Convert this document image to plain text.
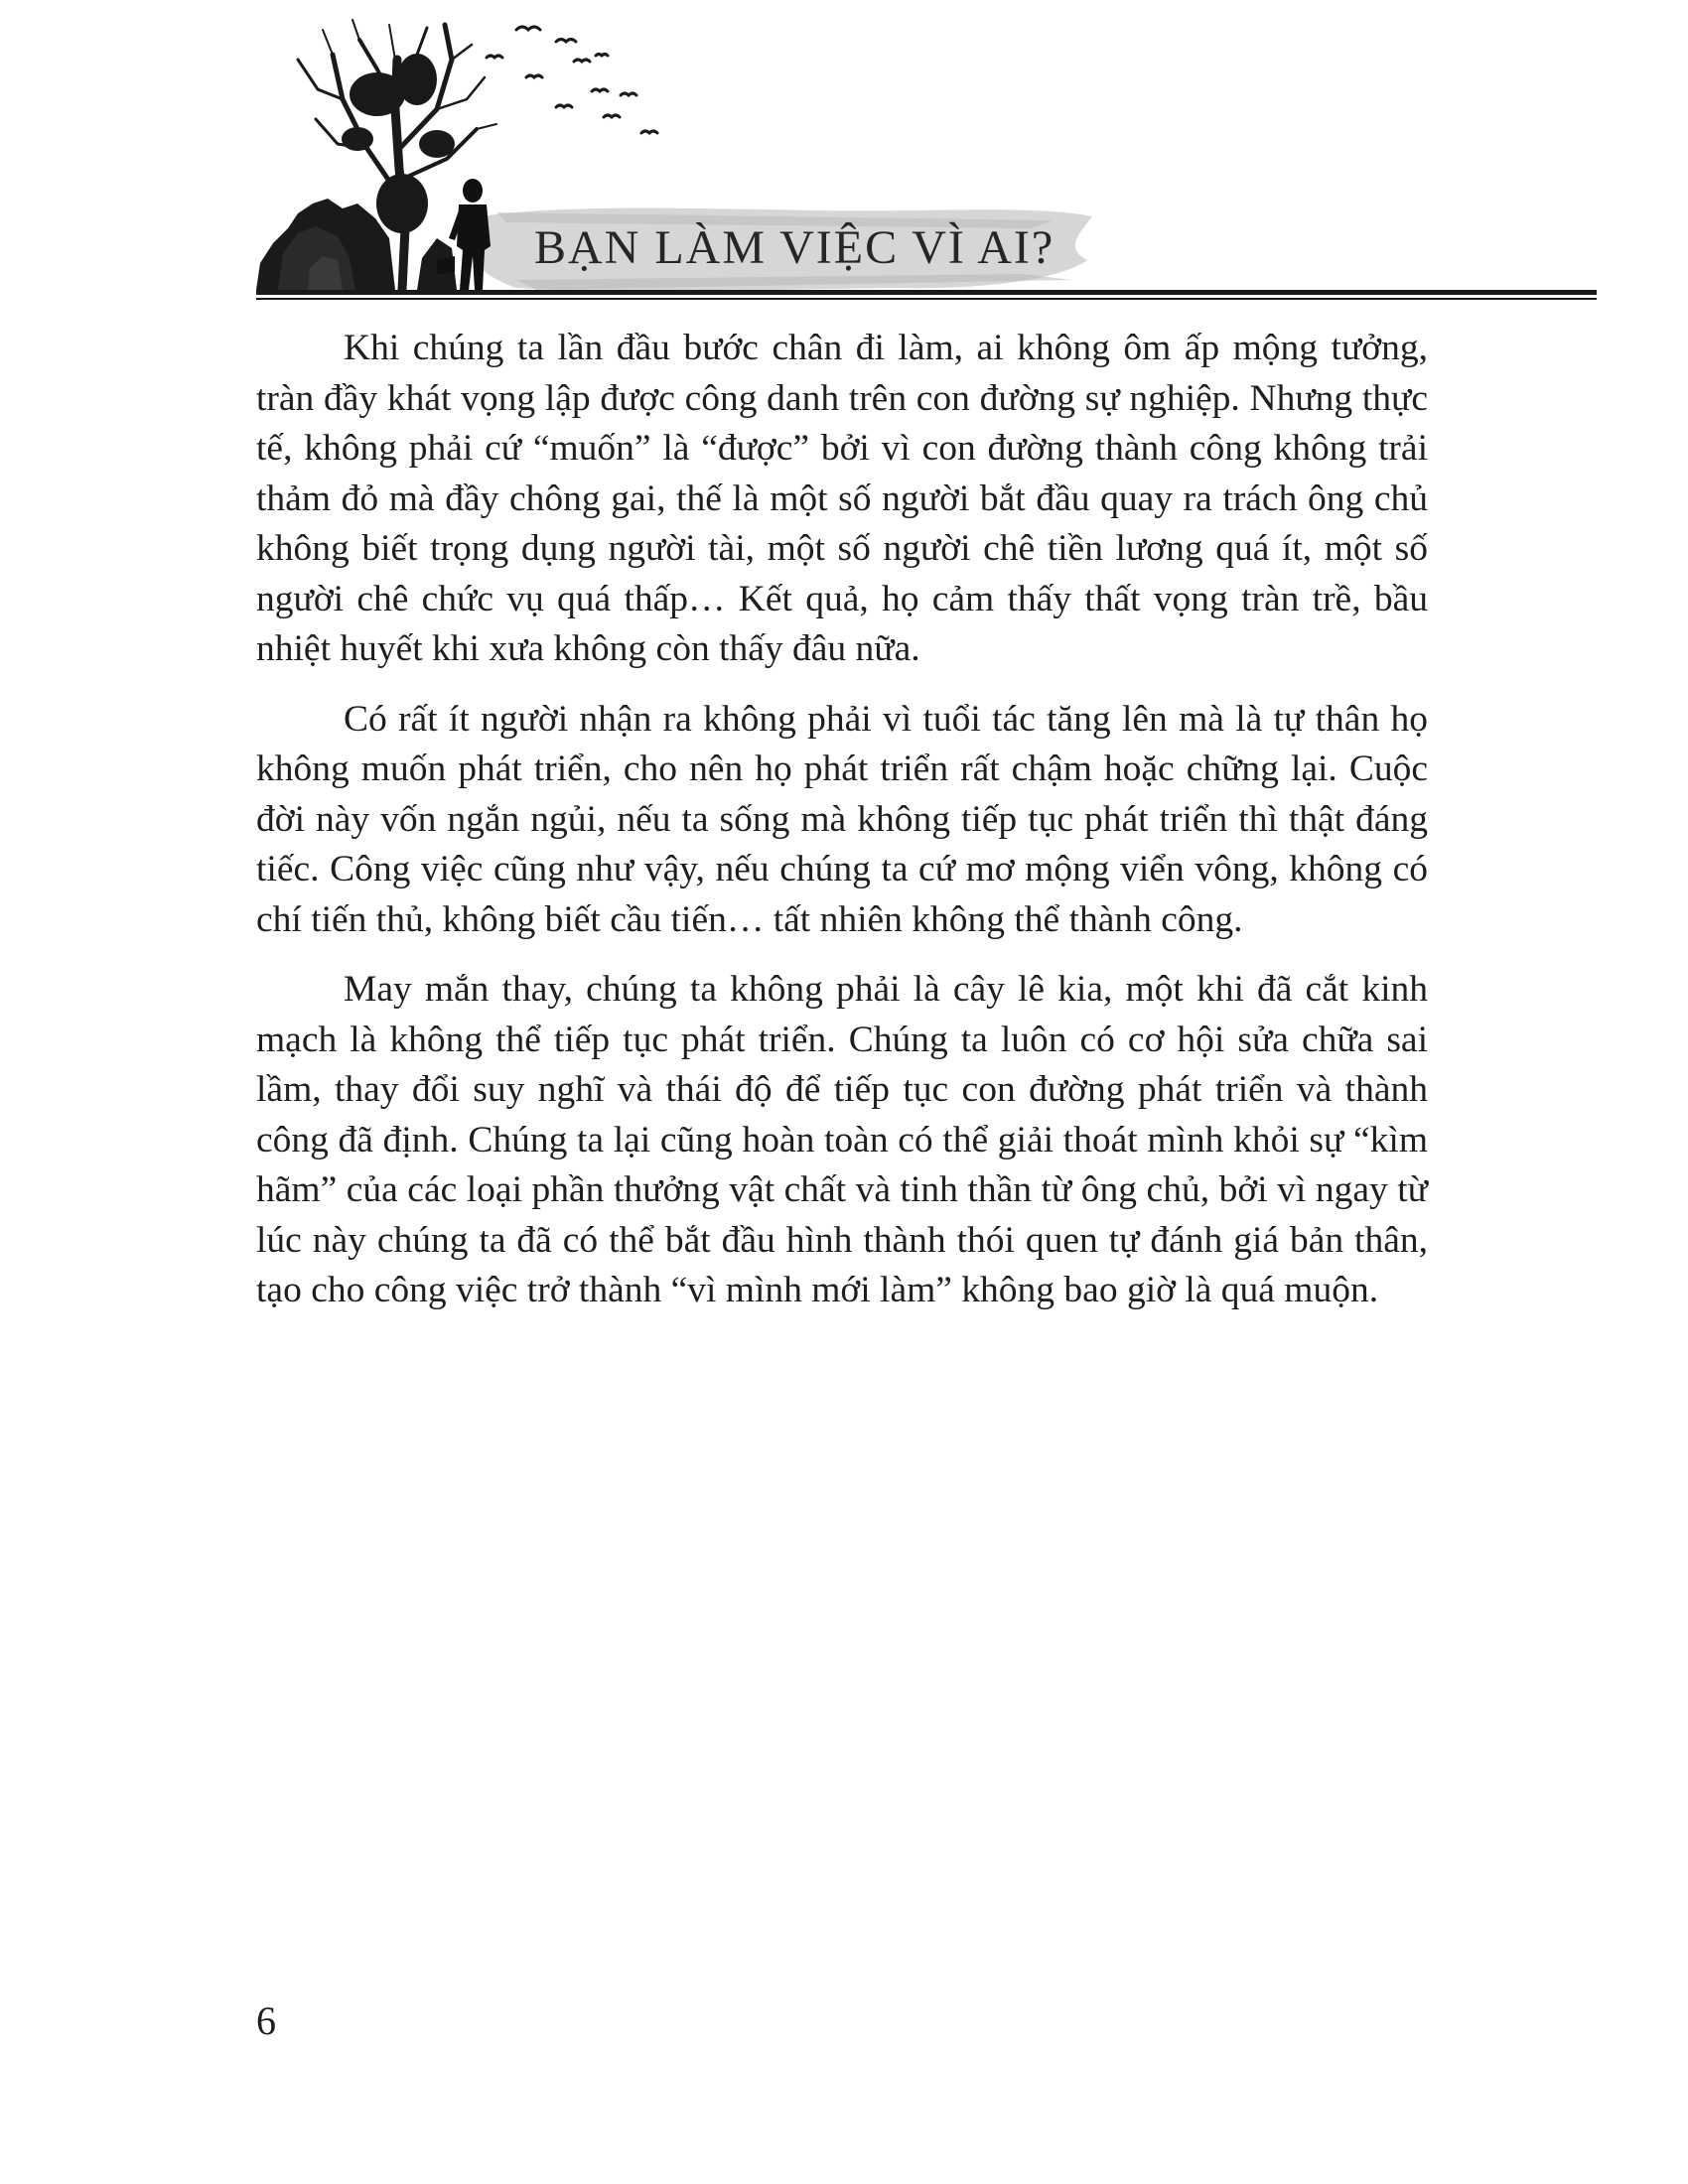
BẠN LÀM VIỆC VÌ AI?

Khi chúng ta lần đầu bước chân đi làm, ai không ôm ấp mộng tưởng, tràn đầy khát vọng lập được công danh trên con đường sự nghiệp. Nhưng thực tế, không phải cứ “muốn” là “được” bởi vì con đường thành công không trải thảm đỏ mà đầy chông gai, thế là một số người bắt đầu quay ra trách ông chủ không biết trọng dụng người tài, một số người chê tiền lương quá ít, một số người chê chức vụ quá thấp… Kết quả, họ cảm thấy thất vọng tràn trề, bầu nhiệt huyết khi xưa không còn thấy đâu nữa.

Có rất ít người nhận ra không phải vì tuổi tác tăng lên mà là tự thân họ không muốn phát triển, cho nên họ phát triển rất chậm hoặc chững lại. Cuộc đời này vốn ngắn ngủi, nếu ta sống mà không tiếp tục phát triển thì thật đáng tiếc. Công việc cũng như vậy, nếu chúng ta cứ mơ mộng viển vông, không có chí tiến thủ, không biết cầu tiến… tất nhiên không thể thành công.

May mắn thay, chúng ta không phải là cây lê kia, một khi đã cắt kinh mạch là không thể tiếp tục phát triển. Chúng ta luôn có cơ hội sửa chữa sai lầm, thay đổi suy nghĩ và thái độ để tiếp tục con đường phát triển và thành công đã định. Chúng ta lại cũng hoàn toàn có thể giải thoát mình khỏi sự “kìm hãm” của các loại phần thưởng vật chất và tinh thần từ ông chủ, bởi vì ngay từ lúc này chúng ta đã có thể bắt đầu hình thành thói quen tự đánh giá bản thân, tạo cho công việc trở thành “vì mình mới làm” không bao giờ là quá muộn.

6
